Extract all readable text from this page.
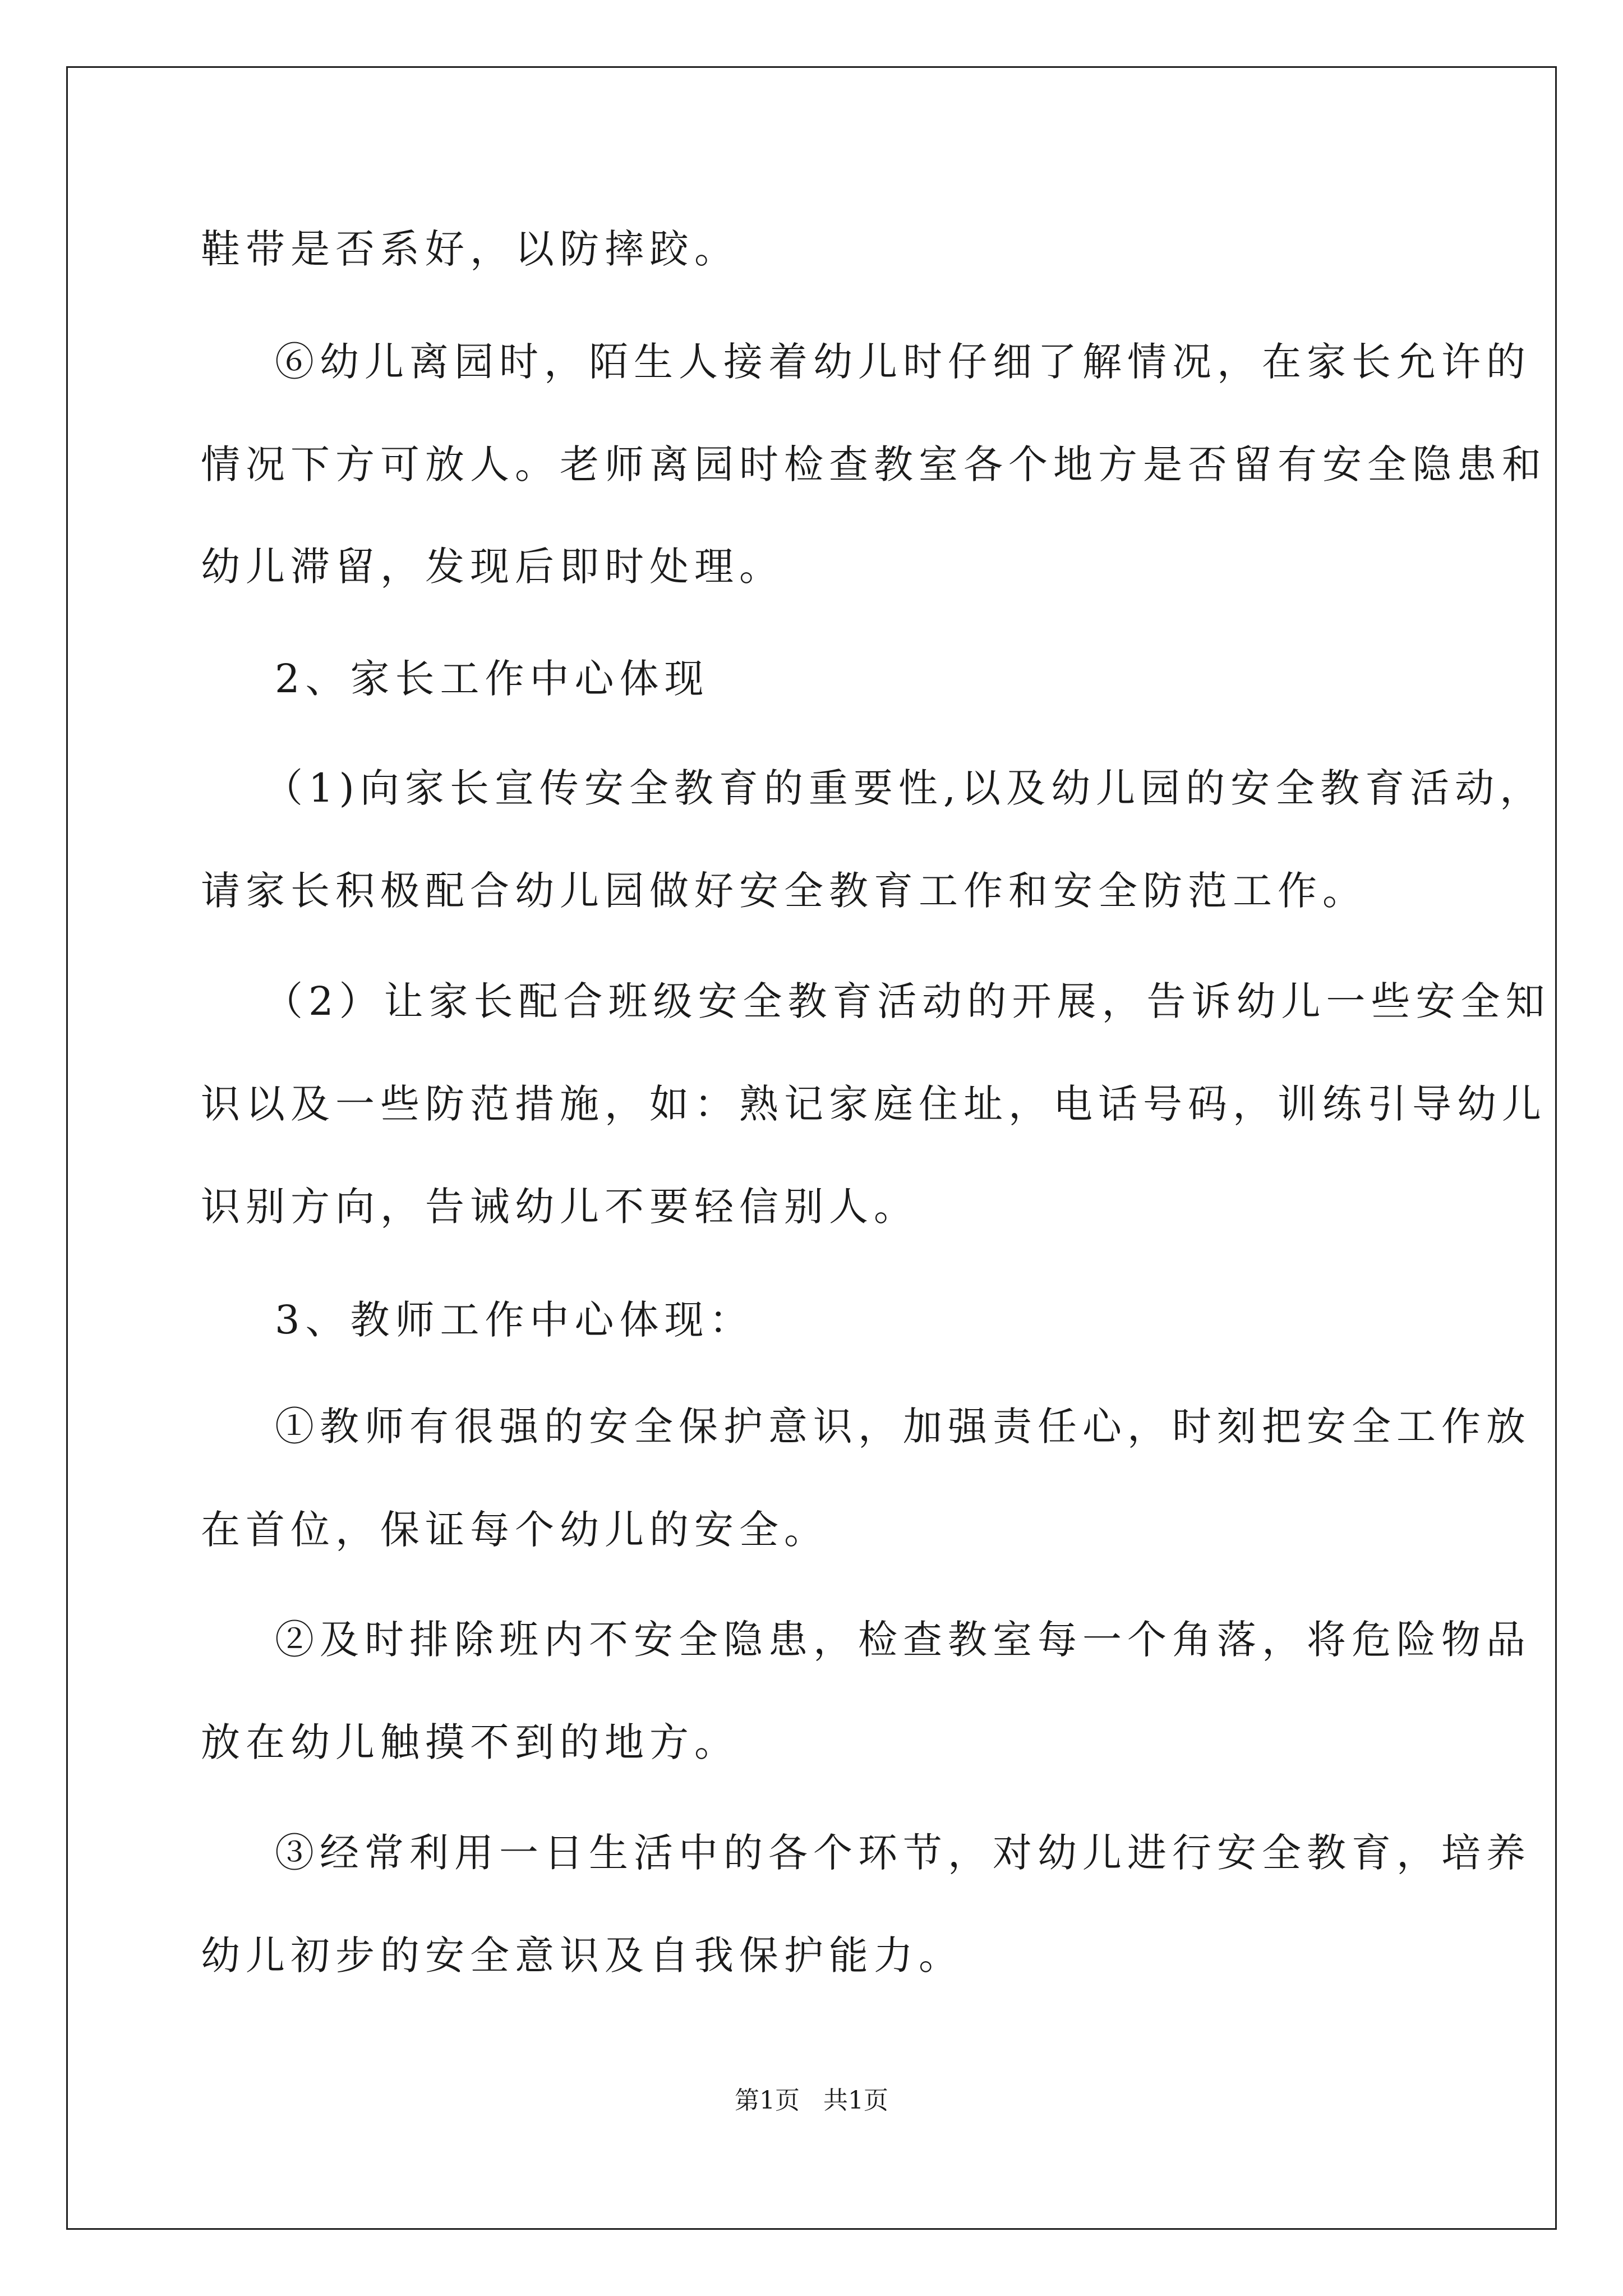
鞋带是否系好，以防摔跤。
⑥幼儿离园时，陌生人接着幼儿时仔细了解情况，在家长允许的
情况下方可放人。老师离园时检查教室各个地方是否留有安全隐患和
幼儿滞留，发现后即时处理。
2、家长工作中心体现
（1)向家长宣传安全教育的重要性,以及幼儿园的安全教育活动，
请家长积极配合幼儿园做好安全教育工作和安全防范工作。
（2）让家长配合班级安全教育活动的开展，告诉幼儿一些安全知
识以及一些防范措施，如：熟记家庭住址，电话号码，训练引导幼儿
识别方向，告诫幼儿不要轻信别人。
3、教师工作中心体现：
①教师有很强的安全保护意识，加强责任心，时刻把安全工作放
在首位，保证每个幼儿的安全。
②及时排除班内不安全隐患，检查教室每一个角落，将危险物品
放在幼儿触摸不到的地方。
③经常利用一日生活中的各个环节，对幼儿进行安全教育，培养
幼儿初步的安全意识及自我保护能力。
第1页 共1页
